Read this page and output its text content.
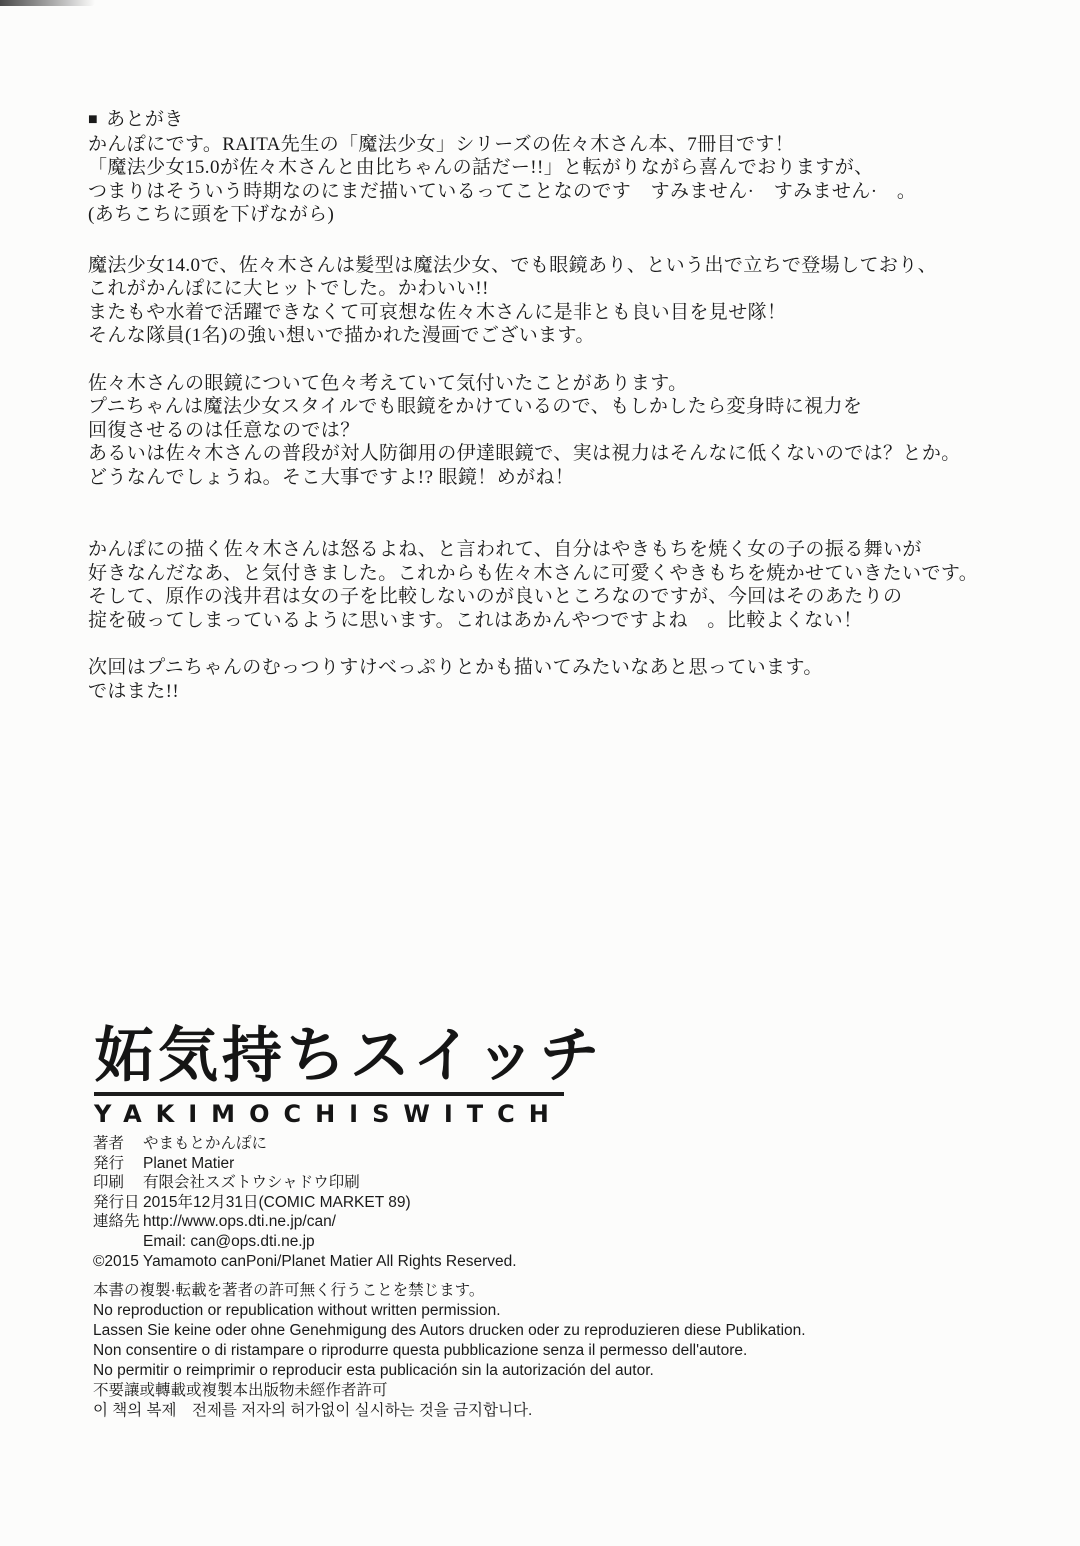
■ あとがき
かんぽにです。RAITA先生の「魔法少女」シリーズの佐々木さん本、7冊目です！
「魔法少女15.0が佐々木さんと由比ちゃんの話だー!!」と転がりながら喜んでおりますが、
つまりはそういう時期なのにまだ描いているってことなのです　すみません·　すみません·　。
(あちこちに頭を下げながら)
魔法少女14.0で、佐々木さんは髪型は魔法少女、でも眼鏡あり、という出で立ちで登場しており、
これがかんぽにに大ヒットでした。かわいい!!
またもや水着で活躍できなくて可哀想な佐々木さんに是非とも良い目を見せ隊！
そんな隊員(1名)の強い想いで描かれた漫画でございます。
佐々木さんの眼鏡について色々考えていて気付いたことがあります。
プニちゃんは魔法少女スタイルでも眼鏡をかけているので、もしかしたら変身時に視力を
回復させるのは任意なのでは？
あるいは佐々木さんの普段が対人防御用の伊達眼鏡で、実は視力はそんなに低くないのでは？とか。
どうなんでしょうね。そこ大事ですよ!? 眼鏡！めがね！
かんぽにの描く佐々木さんは怒るよね、と言われて、自分はやきもちを焼く女の子の振る舞いが
好きなんだなあ、と気付きました。これからも佐々木さんに可愛くやきもちを焼かせていきたいです。
そして、原作の浅井君は女の子を比較しないのが良いところなのですが、今回はそのあたりの
掟を破ってしまっているように思います。これはあかんやつですよね　。比較よくない！
次回はプニちゃんのむっつりすけべっぷりとかも描いてみたいなあと思っています。
ではまた!!
妬気持ちスイッチ
YAKIMOCHISWITCH
著者	やまもとかんぽに
発行	Planet Matier
印刷	有限会社スズトウシャドウ印刷
発行日 2015年12月31日(COMIC MARKET 89)
連絡先 http://www.ops.dti.ne.jp/can/
Email: can@ops.dti.ne.jp
©2015 Yamamoto canPoni/Planet Matier All Rights Reserved.
本書の複製·転載を著者の許可無く行うことを禁じます。
No reproduction or republication without written permission.
Lassen Sie keine oder ohne Genehmigung des Autors drucken oder zu reproduzieren diese Publikation.
Non consentire o di ristampare o riprodurre questa pubblicazione senza il permesso dell'autore.
No permitir o reimprimir o reproducir esta publicación sin la autorización del autor.
不要讓或轉載或複製本出版物未經作者許可
이 책의 복제　전제를 저자의 허가없이 실시하는 것을 금지합니다.
